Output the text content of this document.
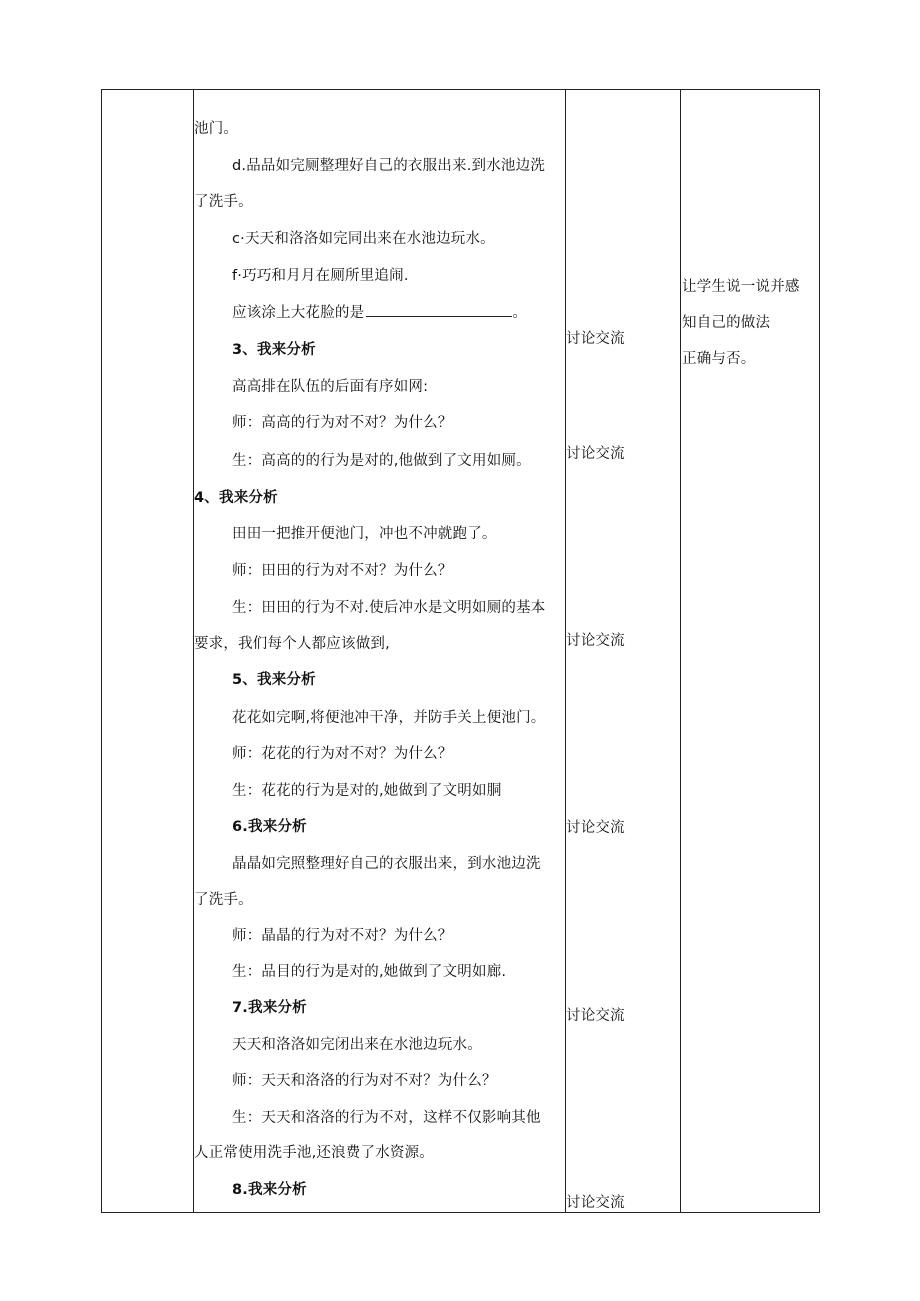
池门。
d.品品如完厕整理好自己的衣服出来.到水池边洗
了洗手。
c·天天和洛洛如完同出来在水池边玩水。
f·巧巧和月月在厕所里追闹.
应该涂上大花脸的是	。
3、我来分析
高高排在队伍的后面有序如网:
师：高高的行为对不对？为什么？
生：高高的的行为是对的,他做到了文用如厕。
4、我来分析
田田一把推开便池门，冲也不冲就跑了。
师：田田的行为对不对？为什么？
生：田田的行为不对.使后冲水是文明如厕的基本
要求，我们每个人都应该做到,
5、我来分析
花花如完啊,将便池冲干净，并防手关上便池门。
师：花花的行为对不对？为什么？
生：花花的行为是对的,她做到了文明如胴
6.我来分析
晶晶如完照整理好自己的衣服出来，到水池边洗
了洗手。
师：晶晶的行为对不对？为什么？
生：品目的行为是对的,她做到了文明如廊.
7.我来分析
天天和洛洛如完闭出来在水池边玩水。
师：天天和洛洛的行为对不对？为什么？
生：天天和洛洛的行为不对，这样不仅影响其他
人正常使用洗手池,还浪费了水资源。
8.我来分析
讨论交流
讨论交流
讨论交流
讨论交流
讨论交流
讨论交流
让学生说一说并感
知自己的做法
正确与否。
